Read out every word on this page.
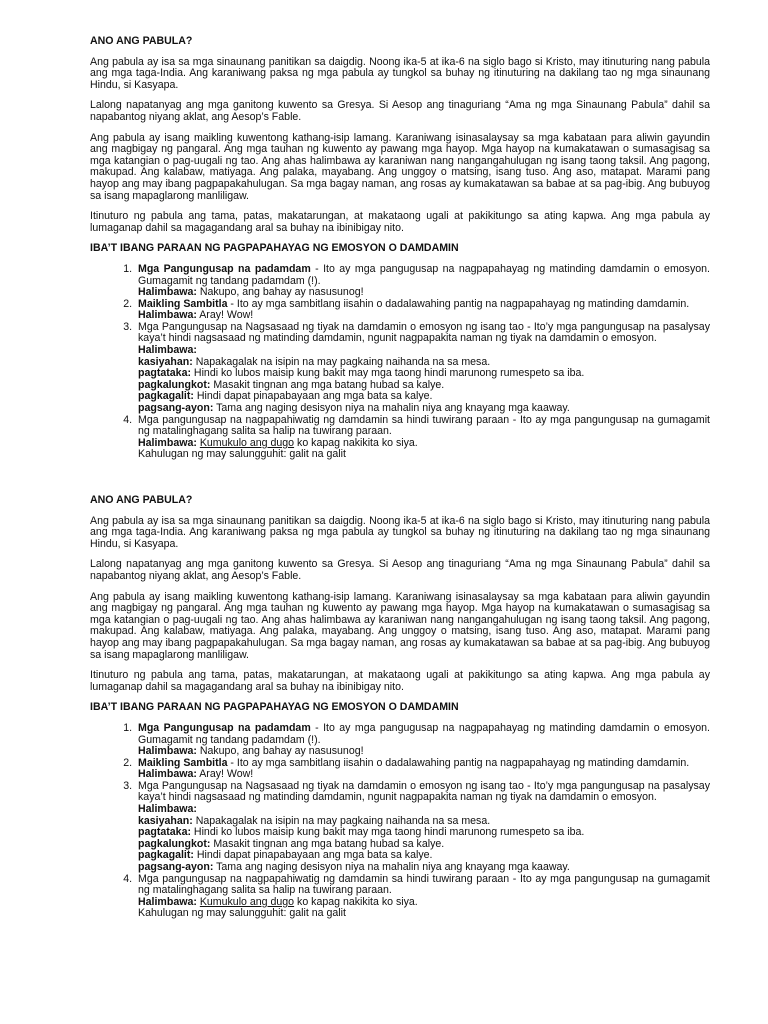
ANO ANG PABULA?

Ang pabula ay isa sa mga sinaunang panitikan sa daigdig. Noong ika-5 at ika-6 na siglo bago si Kristo, may itinuturing nang pabula ang mga taga-India. Ang karaniwang paksa ng mga pabula ay tungkol sa buhay ng itinuturing na dakilang tao ng mga sinaunang Hindu, si Kasyapa.

Lalong napatanyag ang mga ganitong kuwento sa Gresya. Si Aesop ang tinaguriang “Ama ng mga Sinaunang Pabula” dahil sa napabantog niyang aklat, ang Aesop’s Fable.

Ang pabula ay isang maikling kuwentong kathang-isip lamang. Karaniwang isinasalaysay sa mga kabataan para aliwin gayundin ang magbigay ng pangaral. Ang mga tauhan ng kuwento ay pawang mga hayop. Mga hayop na kumakatawan o sumasagisag sa mga katangian o pag-uugali ng tao. Ang ahas halimbawa ay karaniwan nang nangangahulugan ng isang taong taksil. Ang pagong, makupad. Ang kalabaw, matiyaga. Ang palaka, mayabang. Ang unggoy o matsing, isang tuso. Ang aso, matapat. Marami pang hayop ang may ibang pagpapakahulugan. Sa mga bagay naman, ang rosas ay kumakatawan sa babae at sa pag-ibig. Ang bubuyog sa isang mapaglarong manliligaw.

Itinuturo ng pabula ang tama, patas, makatarungan, at makataong ugali at pakikitungo sa ating kapwa. Ang mga pabula ay lumaganap dahil sa magagandang aral sa buhay na ibinibigay nito.

IBA’T IBANG PARAAN NG PAGPAPAHAYAG NG EMOSYON O DAMDAMIN
1. Mga Pangungusap na padamdam - Ito ay mga pangugusap na nagpapahayag ng matinding damdamin o emosyon. Gumagamit ng tandang padamdam (!).
Halimbawa: Nakupo, ang bahay ay nasusunog!
2. Maikling Sambitla - Ito ay mga sambitlang iisahin o dadalawahing pantig na nagpapahayag ng matinding damdamin.
Halimbawa: Aray! Wow!
3. Mga Pangungusap na Nagsasaad ng tiyak na damdamin o emosyon ng isang tao - Ito’y mga pangungusap na pasalysay kaya’t hindi nagsasaad ng matinding damdamin, ngunit nagpapakita naman ng tiyak na damdamin o emosyon.
Halimbawa:
kasiyahan: Napakagalak na isipin na may pagkaing naihanda na sa mesa.
pagtataka: Hindi ko lubos maisip kung bakit may mga taong hindi marunong rumespeto sa iba.
pagkalungkot: Masakit tingnan ang mga batang hubad sa kalye.
pagkagalit: Hindi dapat pinapabayaan ang mga bata sa kalye.
pagsang-ayon: Tama ang naging desisyon niya na mahalin niya ang knayang mga kaaway.
4. Mga pangungusap na nagpapahiwatig ng damdamin sa hindi tuwirang paraan - Ito ay mga pangungusap na gumagamit ng matalinghagang salita sa halip na tuwirang paraan.
Halimbawa: Kumukulo ang dugo ko kapag nakikita ko siya.
Kahulugan ng may salungguhit: galit na galit
ANO ANG PABULA?

Ang pabula ay isa sa mga sinaunang panitikan sa daigdig. Noong ika-5 at ika-6 na siglo bago si Kristo, may itinuturing nang pabula ang mga taga-India. Ang karaniwang paksa ng mga pabula ay tungkol sa buhay ng itinuturing na dakilang tao ng mga sinaunang Hindu, si Kasyapa.

Lalong napatanyag ang mga ganitong kuwento sa Gresya. Si Aesop ang tinaguriang “Ama ng mga Sinaunang Pabula” dahil sa napabantog niyang aklat, ang Aesop’s Fable.

Ang pabula ay isang maikling kuwentong kathang-isip lamang. Karaniwang isinasalaysay sa mga kabataan para aliwin gayundin ang magbigay ng pangaral. Ang mga tauhan ng kuwento ay pawang mga hayop. Mga hayop na kumakatawan o sumasagisag sa mga katangian o pag-uugali ng tao. Ang ahas halimbawa ay karaniwan nang nangangahulugan ng isang taong taksil. Ang pagong, makupad. Ang kalabaw, matiyaga. Ang palaka, mayabang. Ang unggoy o matsing, isang tuso. Ang aso, matapat. Marami pang hayop ang may ibang pagpapakahulugan. Sa mga bagay naman, ang rosas ay kumakatawan sa babae at sa pag-ibig. Ang bubuyog sa isang mapaglarong manliligaw.

Itinuturo ng pabula ang tama, patas, makatarungan, at makataong ugali at pakikitungo sa ating kapwa. Ang mga pabula ay lumaganap dahil sa magagandang aral sa buhay na ibinibigay nito.

IBA’T IBANG PARAAN NG PAGPAPAHAYAG NG EMOSYON O DAMDAMIN
1. Mga Pangungusap na padamdam - Ito ay mga pangugusap na nagpapahayag ng matinding damdamin o emosyon. Gumagamit ng tandang padamdam (!).
Halimbawa: Nakupo, ang bahay ay nasusunog!
2. Maikling Sambitla - Ito ay mga sambitlang iisahin o dadalawahing pantig na nagpapahayag ng matinding damdamin.
Halimbawa: Aray! Wow!
3. Mga Pangungusap na Nagsasaad ng tiyak na damdamin o emosyon ng isang tao - Ito’y mga pangungusap na pasalysay kaya’t hindi nagsasaad ng matinding damdamin, ngunit nagpapakita naman ng tiyak na damdamin o emosyon.
Halimbawa:
kasiyahan: Napakagalak na isipin na may pagkaing naihanda na sa mesa.
pagtataka: Hindi ko lubos maisip kung bakit may mga taong hindi marunong rumespeto sa iba.
pagkalungkot: Masakit tingnan ang mga batang hubad sa kalye.
pagkagalit: Hindi dapat pinapabayaan ang mga bata sa kalye.
pagsang-ayon: Tama ang naging desisyon niya na mahalin niya ang knayang mga kaaway.
4. Mga pangungusap na nagpapahiwatig ng damdamin sa hindi tuwirang paraan - Ito ay mga pangungusap na gumagamit ng matalinghagang salita sa halip na tuwirang paraan.
Halimbawa: Kumukulo ang dugo ko kapag nakikita ko siya.
Kahulugan ng may salungguhit: galit na galit
